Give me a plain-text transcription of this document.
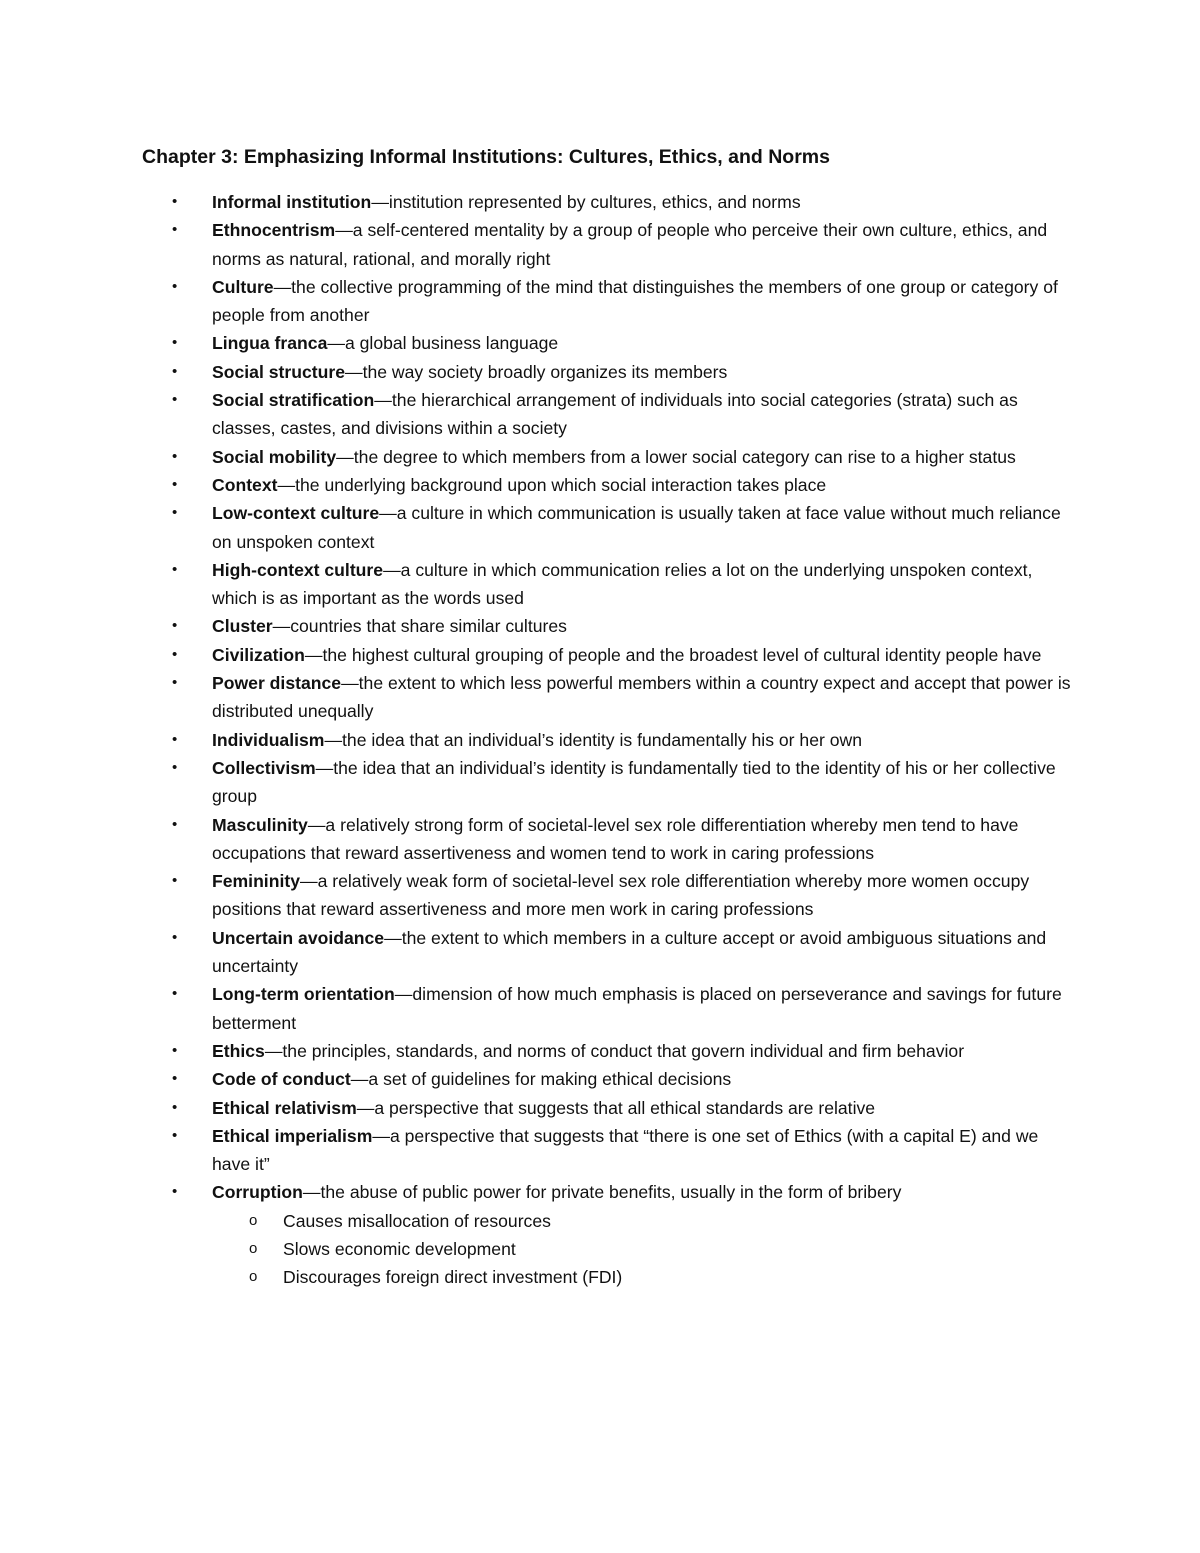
Chapter 3: Emphasizing Informal Institutions: Cultures, Ethics, and Norms
•	Informal institution—institution represented by cultures, ethics, and norms
•	Ethnocentrism—a self-centered mentality by a group of people who perceive their own culture, ethics, and norms as natural, rational, and morally right
•	Culture—the collective programming of the mind that distinguishes the members of one group or category of people from another
•	Lingua franca—a global business language
•	Social structure—the way society broadly organizes its members
•	Social stratification—the hierarchical arrangement of individuals into social categories (strata) such as classes, castes, and divisions within a society
•	Social mobility—the degree to which members from a lower social category can rise to a higher status
•	Context—the underlying background upon which social interaction takes place
•	Low-context culture—a culture in which communication is usually taken at face value without much reliance on unspoken context
•	High-context culture—a culture in which communication relies a lot on the underlying unspoken context, which is as important as the words used
•	Cluster—countries that share similar cultures
•	Civilization—the highest cultural grouping of people and the broadest level of cultural identity people have
•	Power distance—the extent to which less powerful members within a country expect and accept that power is distributed unequally
•	Individualism—the idea that an individual’s identity is fundamentally his or her own
•	Collectivism—the idea that an individual’s identity is fundamentally tied to the identity of his or her collective group
•	Masculinity—a relatively strong form of societal-level sex role differentiation whereby men tend to have occupations that reward assertiveness and women tend to work in caring professions
•	Femininity—a relatively weak form of societal-level sex role differentiation whereby more women occupy positions that reward assertiveness and more men work in caring professions
•	Uncertain avoidance—the extent to which members in a culture accept or avoid ambiguous situations and uncertainty
•	Long-term orientation—dimension of how much emphasis is placed on perseverance and savings for future betterment
•	Ethics—the principles, standards, and norms of conduct that govern individual and firm behavior
•	Code of conduct—a set of guidelines for making ethical decisions
•	Ethical relativism—a perspective that suggests that all ethical standards are relative
•	Ethical imperialism—a perspective that suggests that “there is one set of Ethics (with a capital E) and we have it”
•	Corruption—the abuse of public power for private benefits, usually in the form of bribery
o Causes misallocation of resources
o Slows economic development
o Discourages foreign direct investment (FDI)
